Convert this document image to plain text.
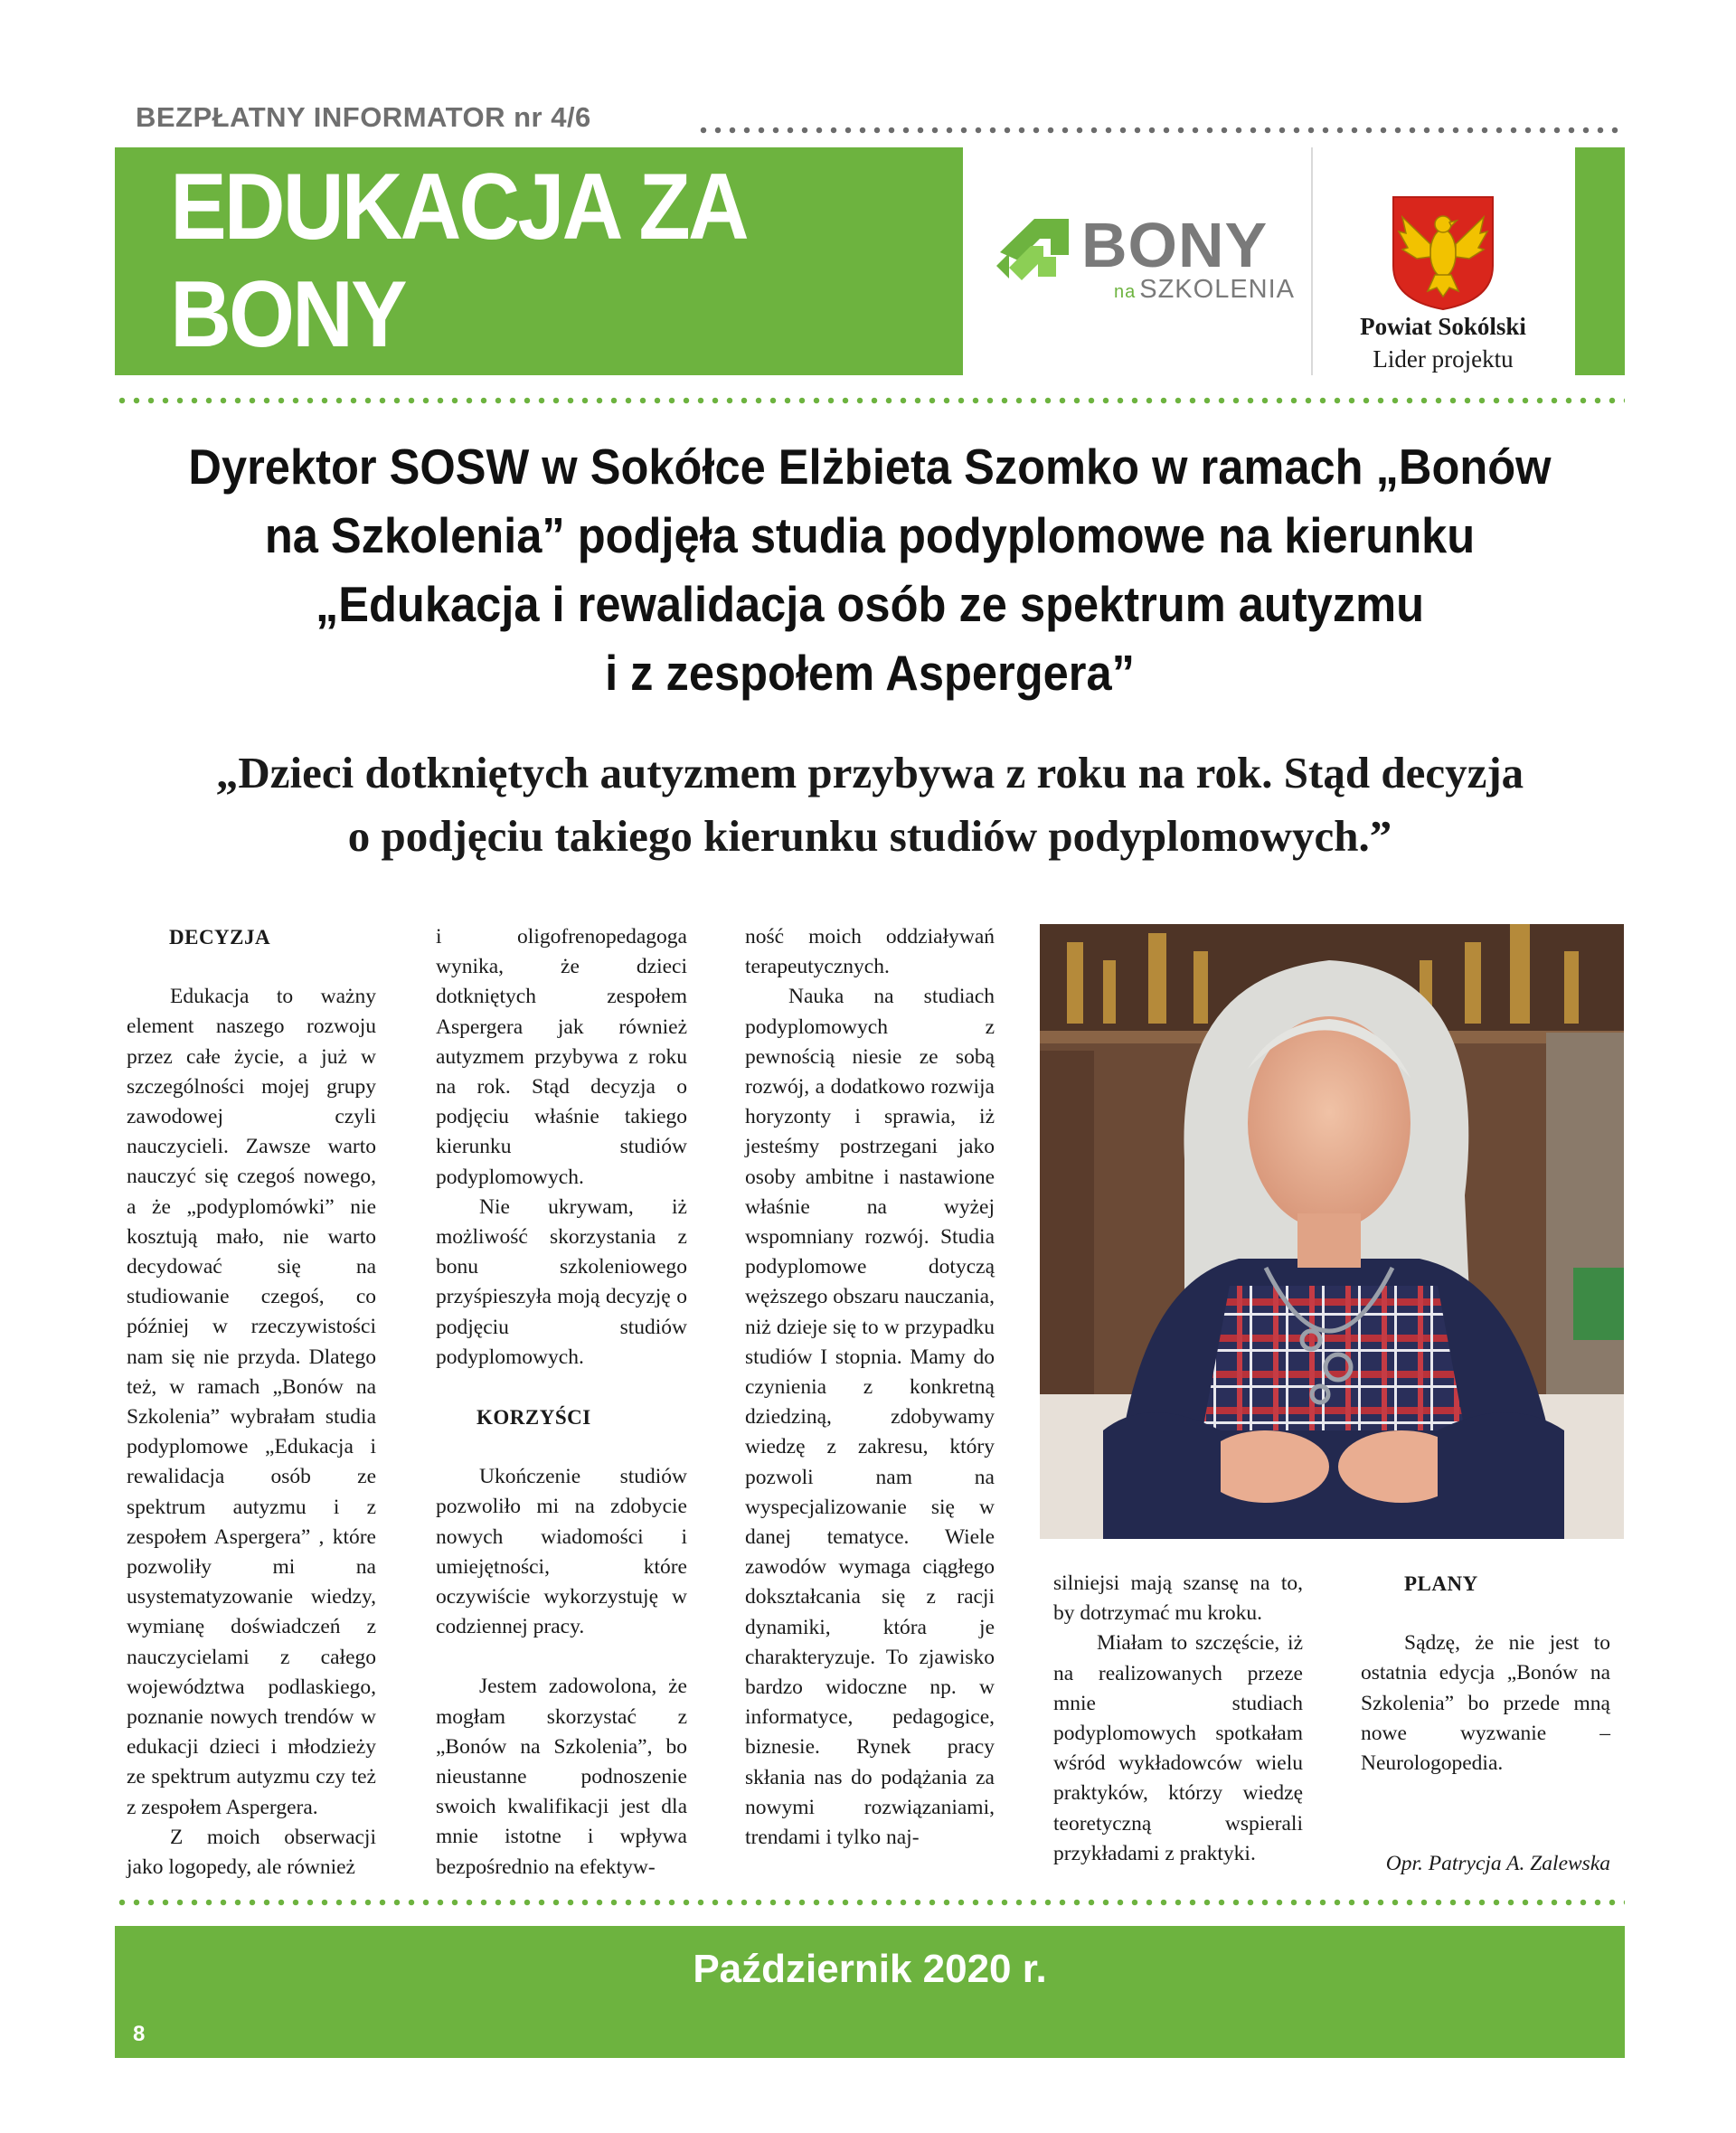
BEZPŁATNY INFORMATOR nr 4/6
EDUKACJA ZA BONY
BONY
na SZKOLENIA
Powiat Sokólski
Lider projektu
Dyrektor SOSW w Sokółce Elżbieta Szomko w ramach „Bonów
na Szkolenia” podjęła studia podyplomowe na kierunku
„Edukacja i rewalidacja osób ze spektrum autyzmu
i z zespołem Aspergera”
„Dzieci dotkniętych autyzmem przybywa z roku na rok. Stąd decyzja
o podjęciu takiego kierunku studiów podyplomowych.”
DECYZJA

Edukacja to ważny element naszego rozwoju przez całe życie, a już w szczególności mojej grupy zawodowej czyli nauczycieli. Zawsze warto nauczyć się czegoś nowego, a że „podyplomówki” nie kosztują mało, nie warto decydować się na studiowanie czegoś, co później w rzeczywistości nam się nie przyda. Dlatego też, w ramach „Bonów na Szkolenia” wybrałam studia podyplomowe „Edukacja i rewalidacja osób ze spektrum autyzmu i z zespołem Aspergera” , które pozwoliły mi na usystematyzowanie wiedzy, wymianę doświadczeń z nauczycielami z całego województwa podlaskiego, poznanie nowych trendów w edukacji dzieci i młodzieży ze spektrum autyzmu czy też z zespołem Aspergera.

Z moich obserwacji jako logopedy, ale również

i oligofrenopedagoga wynika, że dzieci dotkniętych zespołem Aspergera jak również autyzmem przybywa z roku na rok. Stąd decyzja o podjęciu właśnie takiego kierunku studiów podyplomowych.

Nie ukrywam, iż możliwość skorzystania z bonu szkoleniowego przyśpieszyła moją decyzję o podjęciu studiów podyplomowych.

KORZYŚCI

Ukończenie studiów pozwoliło mi na zdobycie nowych wiadomości i umiejętności, które oczywiście wykorzystuję w codziennej pracy.

Jestem zadowolona, że mogłam skorzystać z „Bonów na Szkolenia”, bo nieustanne podnoszenie swoich kwalifikacji jest dla mnie istotne i wpływa bezpośrednio na efektyw-

ność moich oddziaływań terapeutycznych.

Nauka na studiach podyplomowych z pewnością niesie ze sobą rozwój, a dodatkowo rozwija horyzonty i sprawia, iż jesteśmy postrzegani jako osoby ambitne i nastawione właśnie na wyżej wspomniany rozwój. Studia podyplomowe dotyczą węższego obszaru nauczania, niż dzieje się to w przypadku studiów I stopnia. Mamy do czynienia z konkretną dziedziną, zdobywamy wiedzę z zakresu, który pozwoli nam na wyspecjalizowanie się w danej tematyce. Wiele zawodów wymaga ciągłego dokształcania się z racji dynamiki, która je charakteryzuje. To zjawisko bardzo widoczne np. w informatyce, pedagogice, biznesie. Rynek pracy skłania nas do podążania za nowymi rozwiązaniami, trendami i tylko naj-

silniejsi mają szansę na to, by dotrzymać mu kroku.

Miałam to szczęście, iż na realizowanych przeze mnie studiach podyplomowych spotkałam wśród wykładowców wielu praktyków, którzy wiedzę teoretyczną wspierali przykładami z praktyki.

PLANY

Sądzę, że nie jest to ostatnia edycja „Bonów na Szkolenia” bo przede mną nowe wyzwanie – Neurologopedia.

Opr. Patrycja A. Zalewska
Październik 2020 r.
8
